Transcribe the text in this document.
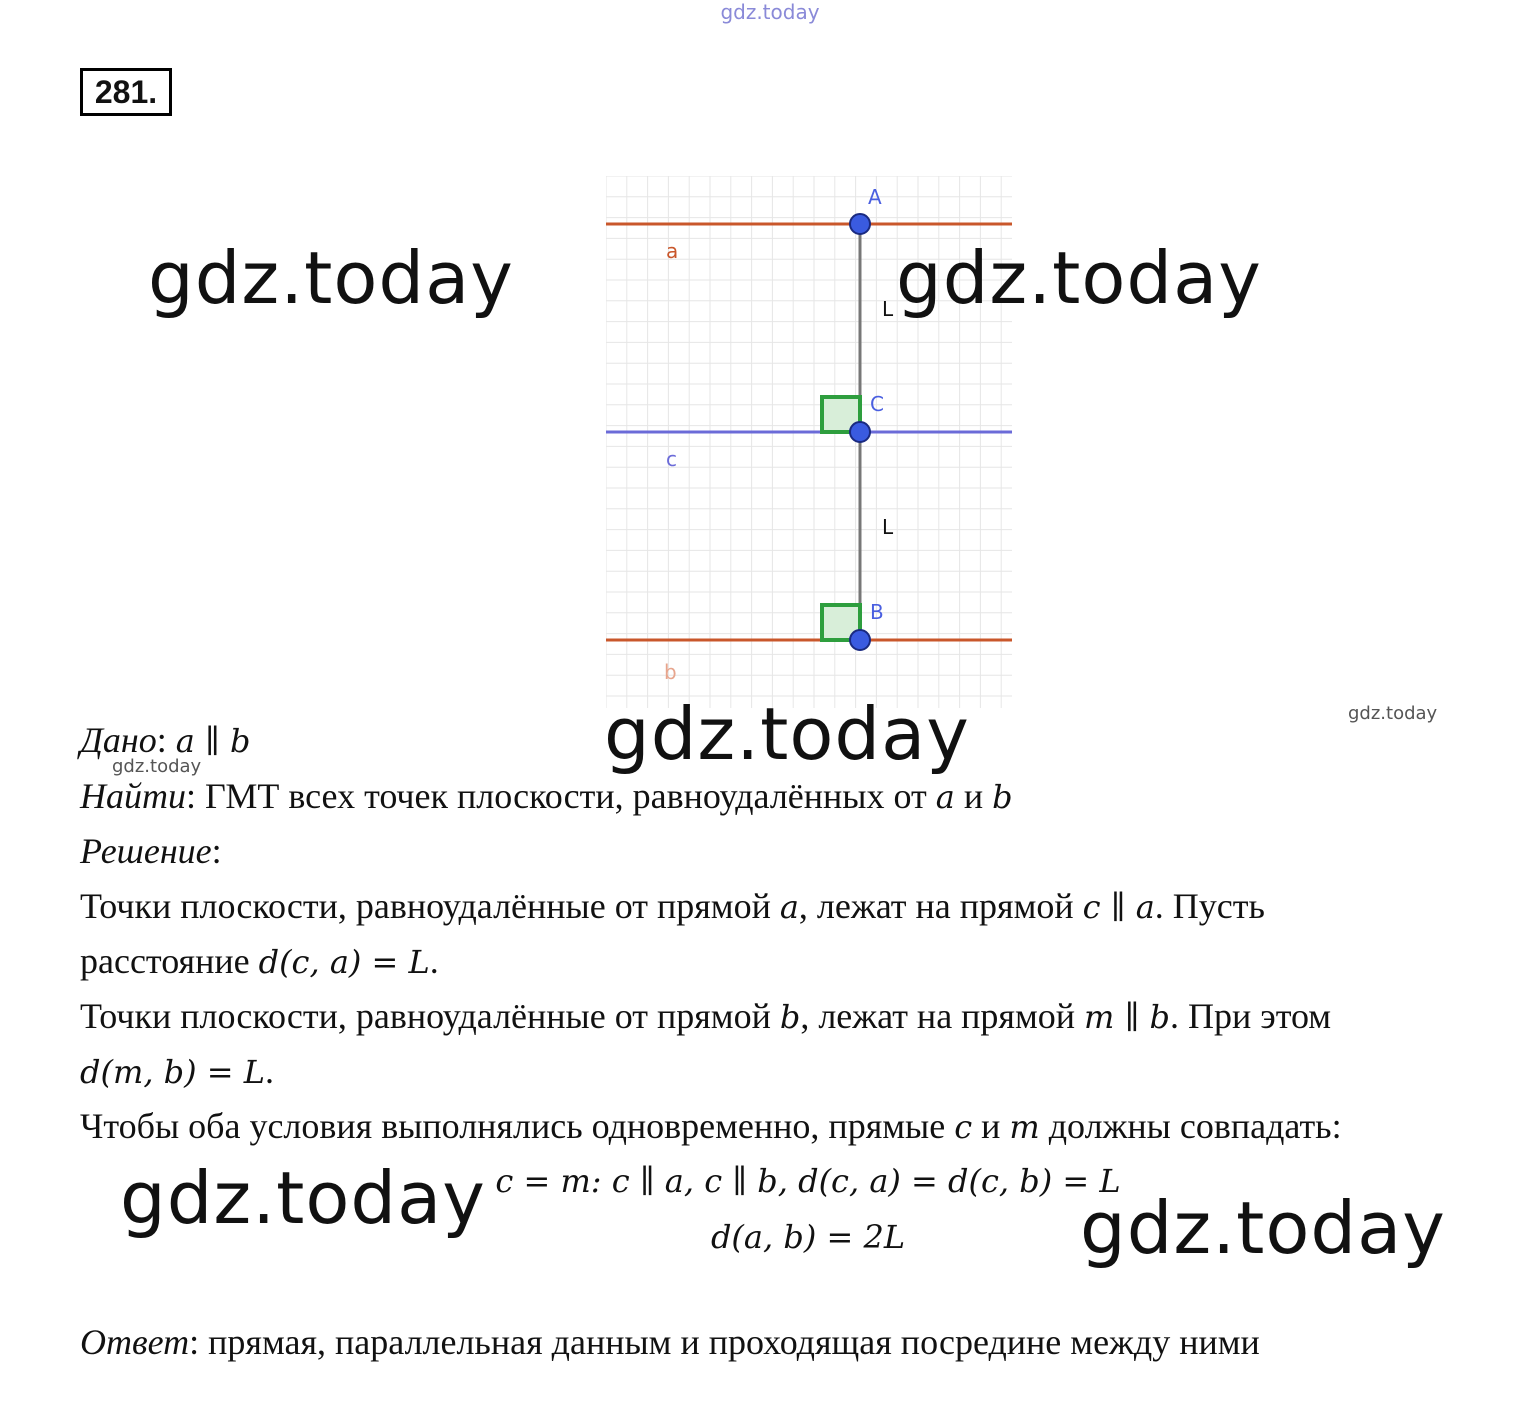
gdz.today
281.
A
C
B
a
c
b
L
L
gdz.today	gdz.today
gdz.today
gdz.today	gdz.today
gdz.today
gdz.today
Дано: a ∥ b
Найти: ГМТ всех точек плоскости, равноудалённых от a и b
Решение:
Точки плоскости, равноудалённые от прямой a, лежат на прямой c ∥ a. Пусть
расстояние d(c, a) = L.
Точки плоскости, равноудалённые от прямой b, лежат на прямой m ∥ b. При этом
d(m, b) = L.
Чтобы оба условия выполнялись одновременно, прямые c и m должны совпадать:
c = m: c ∥ a, c ∥ b, d(c, a) = d(c, b) = L
d(a, b) = 2L
Ответ: прямая, параллельная данным и проходящая посредине между ними
